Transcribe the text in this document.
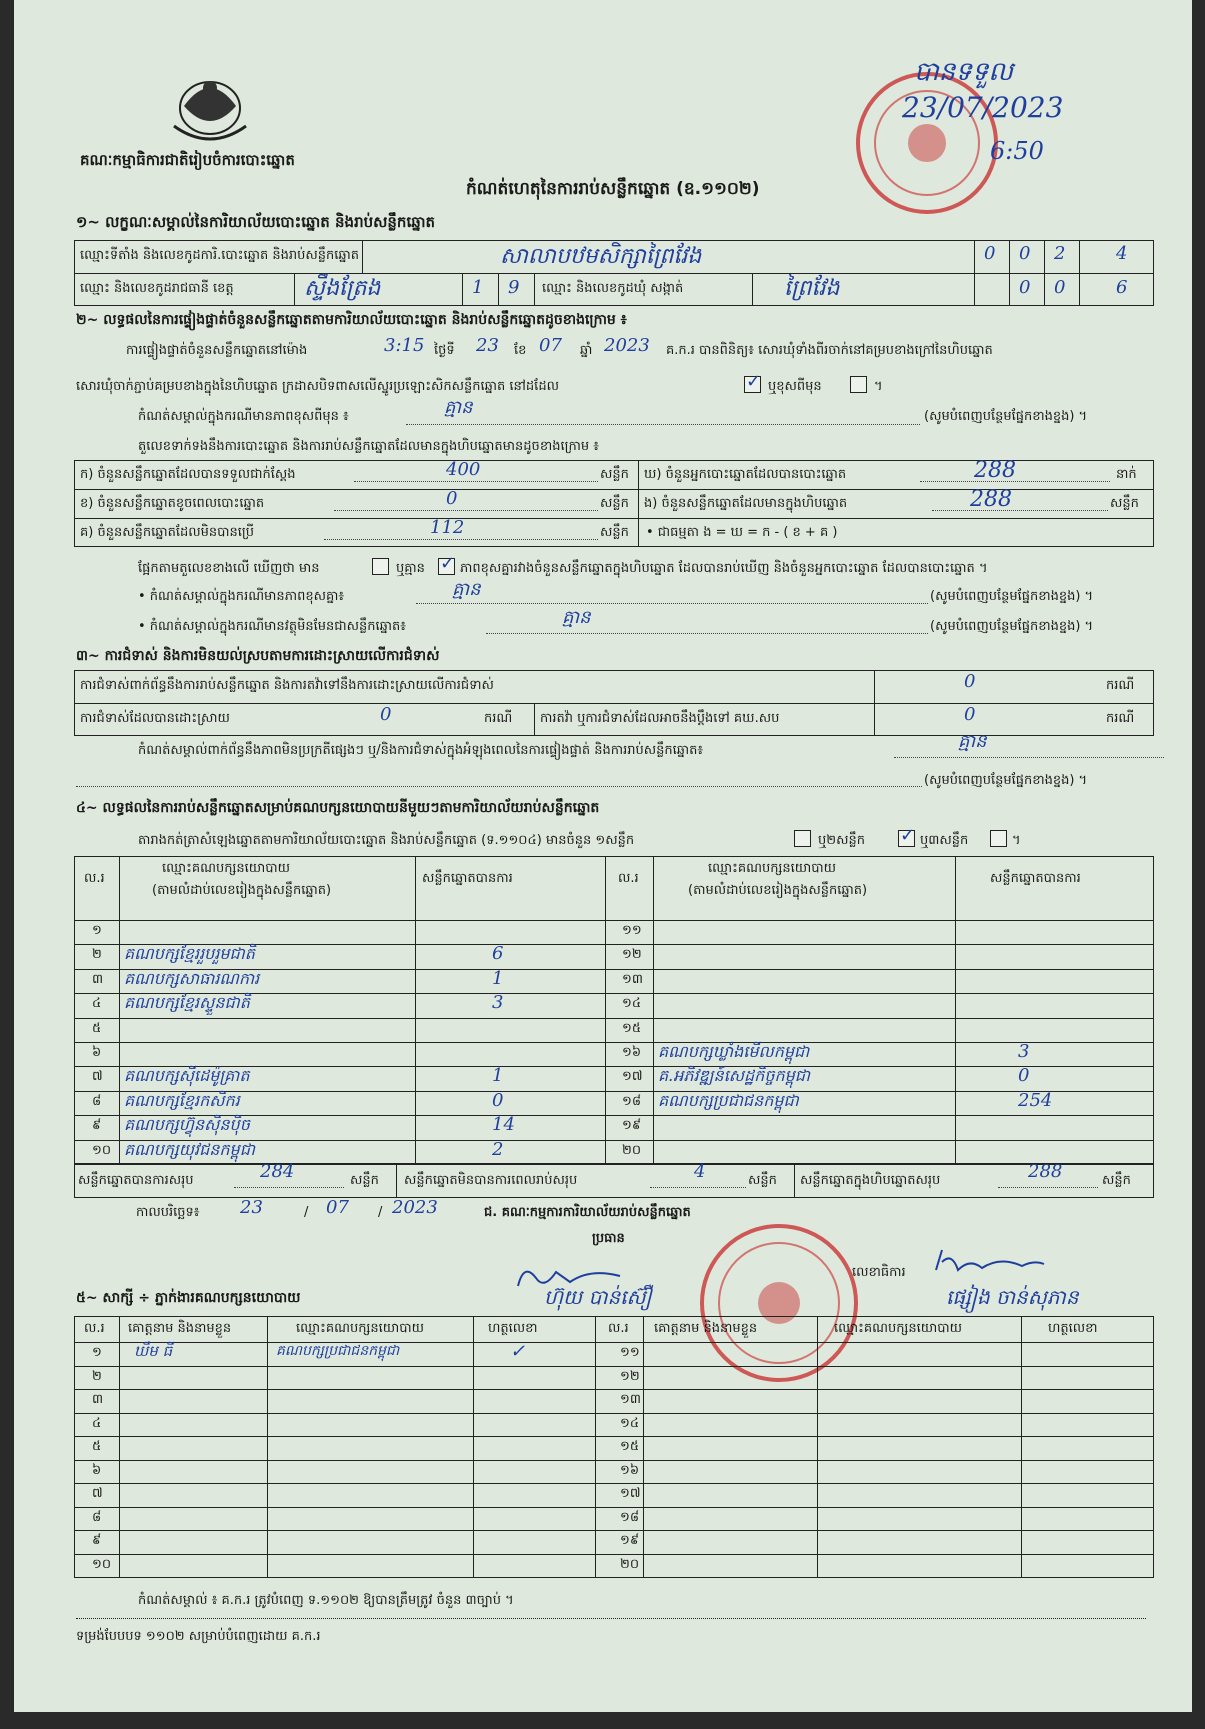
គណៈកម្មាធិការជាតិរៀបចំការបោះឆ្នោត
បានទទួល
23/07/2023
6:50
កំណត់ហេតុនៃការរាប់សន្លឹកឆ្នោត (ឧ.១១០២)
១~ លក្ខណៈសម្គាល់នៃការិយាល័យបោះឆ្នោត និងរាប់សន្លឹកឆ្នោត
ឈ្មោះទីតាំង និងលេខកូដការិ.បោះឆ្នោត និងរាប់សន្លឹកឆ្នោត	សាលាបឋមសិក្សាព្រៃវែង	0 0 2	4
ឈ្មោះ និងលេខកូដរាជធានី ខេត្ត	ស្ទឹងត្រែង	1 9 ឈ្មោះ និងលេខកូដឃុំ សង្កាត់	ព្រៃវែង	0 0	6
២~ លទ្ធផលនៃការផ្ទៀងផ្ទាត់ចំនួនសន្លឹកឆ្នោតតាមការិយាល័យបោះឆ្នោត និងរាប់សន្លឹកឆ្នោតដូចខាងក្រោម ៖
ការផ្ទៀងផ្ទាត់ចំនួនសន្លឹកឆ្នោតនៅម៉ោង	3:15 ថ្ងៃទី 23 ខែ 07 ឆ្នាំ 2023 គ.ក.រ បានពិនិត្យ៖ សោរឃុំទាំងពីរចាក់នៅគម្របខាងក្រៅនៃហិបឆ្នោត
សោរឃុំចាក់ភ្ជាប់គម្របខាងក្នុងនៃហិបឆ្នោត ក្រដាសបិទពាសលើស្នូរប្រឡោះសិកសន្លឹកឆ្នោត នៅដដែល	✓ ឬខុសពីមុន	។
កំណត់សម្គាល់ក្នុងករណីមានភាពខុសពីមុន ៖	គ្មាន	(សូមបំពេញបន្ថែមផ្នែកខាងខ្នង) ។
តួលេខទាក់ទងនឹងការបោះឆ្នោត និងការរាប់សន្លឹកឆ្នោតដែលមានក្នុងហិបឆ្នោតមានដូចខាងក្រោម ៖
ក) ចំនួនសន្លឹកឆ្នោតដែលបានទទួលជាក់ស្តែង	400	សន្លឹក
ខ) ចំនួនសន្លឹកឆ្នោតខូចពេលបោះឆ្នោត	0	សន្លឹក
គ) ចំនួនសន្លឹកឆ្នោតដែលមិនបានប្រើ	112	សន្លឹក
ឃ) ចំនួនអ្នកបោះឆ្នោតដែលបានបោះឆ្នោត	288	នាក់
ង) ចំនួនសន្លឹកឆ្នោតដែលមានក្នុងហិបឆ្នោត	288	សន្លឹក
• ជាធម្មតា ង = ឃ = ក - ( ខ + គ )
ផ្អែកតាមតួលេខខាងលើ ឃើញថា មាន	ឬគ្មាន ✓ ភាពខុសគ្នារវាងចំនួនសន្លឹកឆ្នោតក្នុងហិបឆ្នោត ដែលបានរាប់ឃើញ និងចំនួនអ្នកបោះឆ្នោត ដែលបានបោះឆ្នោត ។
• កំណត់សម្គាល់ក្នុងករណីមានភាពខុសគ្នា៖	គ្មាន	(សូមបំពេញបន្ថែមផ្នែកខាងខ្នង) ។
• កំណត់សម្គាល់ក្នុងករណីមានវត្ថុមិនមែនជាសន្លឹកឆ្នោត៖	គ្មាន	(សូមបំពេញបន្ថែមផ្នែកខាងខ្នង) ។
៣~ ការជំទាស់ និងការមិនយល់ស្របតាមការដោះស្រាយលើការជំទាស់
ការជំទាស់ពាក់ព័ន្ធនឹងការរាប់សន្លឹកឆ្នោត និងការតវ៉ាទៅនឹងការដោះស្រាយលើការជំទាស់	0	ករណី
ការជំទាស់ដែលបានដោះស្រាយ	0	ករណី ការតវ៉ា ឬការជំទាស់ដែលអាចនឹងប្តឹងទៅ គឃ.សប	0	ករណី
កំណត់សម្គាល់ពាក់ព័ន្ធនឹងភាពមិនប្រក្រតីផ្សេងៗ ឬ/និងការជំទាស់ក្នុងអំឡុងពេលនៃការផ្ទៀងផ្ទាត់ និងការរាប់សន្លឹកឆ្នោត៖	គ្មាន
(សូមបំពេញបន្ថែមផ្នែកខាងខ្នង) ។
៤~ លទ្ធផលនៃការរាប់សន្លឹកឆ្នោតសម្រាប់គណបក្សនយោបាយនីមួយៗតាមការិយាល័យរាប់សន្លឹកឆ្នោត
តារាងកត់ត្រាសំឡេងឆ្នោតតាមការិយាល័យបោះឆ្នោត និងរាប់សន្លឹកឆ្នោត (ទ.១១០៤) មានចំនួន ១សន្លឹក	ឬ២សន្លឹក ✓ ឬ៣សន្លឹក	។
ល.រ
ឈ្មោះគណបក្សនយោបាយ
(តាមលំដាប់លេខរៀងក្នុងសន្លឹកឆ្នោត)
សន្លឹកឆ្នោតបានការ	ល.រ
ឈ្មោះគណបក្សនយោបាយ
(តាមលំដាប់លេខរៀងក្នុងសន្លឹកឆ្នោត)
សន្លឹកឆ្នោតបានការ
១	១១
២ គណបក្សខ្មែររួបរួមជាតិ	6	១២
៣ គណបក្សសាធារណការ	1	១៣
៤ គណបក្សខ្មែរស្ទួនជាតិ	3	១៤
៥	១៥
៦	១៦ គណបក្សឃ្លាំងមើលកម្ពុជា	3
៧ គណបក្សស៊ីដេម៉ូគ្រាត	1	១៧ គ.អភិវឌ្ឍន៍សេដ្ឋកិច្ចកម្ពុជា	0
៨ គណបក្សខ្មែរកសិករ	0	១៨ គណបក្សប្រជាជនកម្ពុជា	254
៩ គណបក្សហ៊្វុនស៊ិនប៉ិច	14	១៩
១០ គណបក្សយុវជនកម្ពុជា	2	២០
សន្លឹកឆ្នោតបានការសរុប	284	សន្លឹក សន្លឹកឆ្នោតមិនបានការពេលរាប់សរុប	4	សន្លឹក សន្លឹកឆ្នោតក្នុងហិបឆ្នោតសរុប	288	សន្លឹក
កាលបរិច្ឆេទ៖ 23	/ 07 / 2023	ជ. គណៈកម្មការការិយាល័យរាប់សន្លឹកឆ្នោត
ប្រធាន
ហ៊ុយ បាន់ស៊ឿ
លេខាធិការ
ផ្សៀង ចាន់សុភាន
៥~ សាក្សី ÷ ភ្នាក់ងារគណបក្សនយោបាយ
ល.រ គោត្តនាម និងនាមខ្លួន	ឈ្មោះគណបក្សនយោបាយ	ហត្ថលេខា	ល.រ គោត្តនាម និងនាមខ្លួន	ឈ្មោះគណបក្សនយោបាយ	ហត្ថលេខា
១ ឃឹម ធី	គណបក្សប្រជាជនកម្ពុជា	✓	១១
២	១២
៣	១៣
៤	១៤
៥	១៥
៦	១៦
៧	១៧
៨	១៨
៩	១៩
១០	២០
កំណត់សម្គាល់ ៖ គ.ក.រ ត្រូវបំពេញ ទ.១១០២ ឱ្យបានត្រឹមត្រូវ ចំនួន ៣ច្បាប់ ។
ទម្រង់បែបបទ ១១០២ សម្រាប់បំពេញដោយ គ.ក.រ
